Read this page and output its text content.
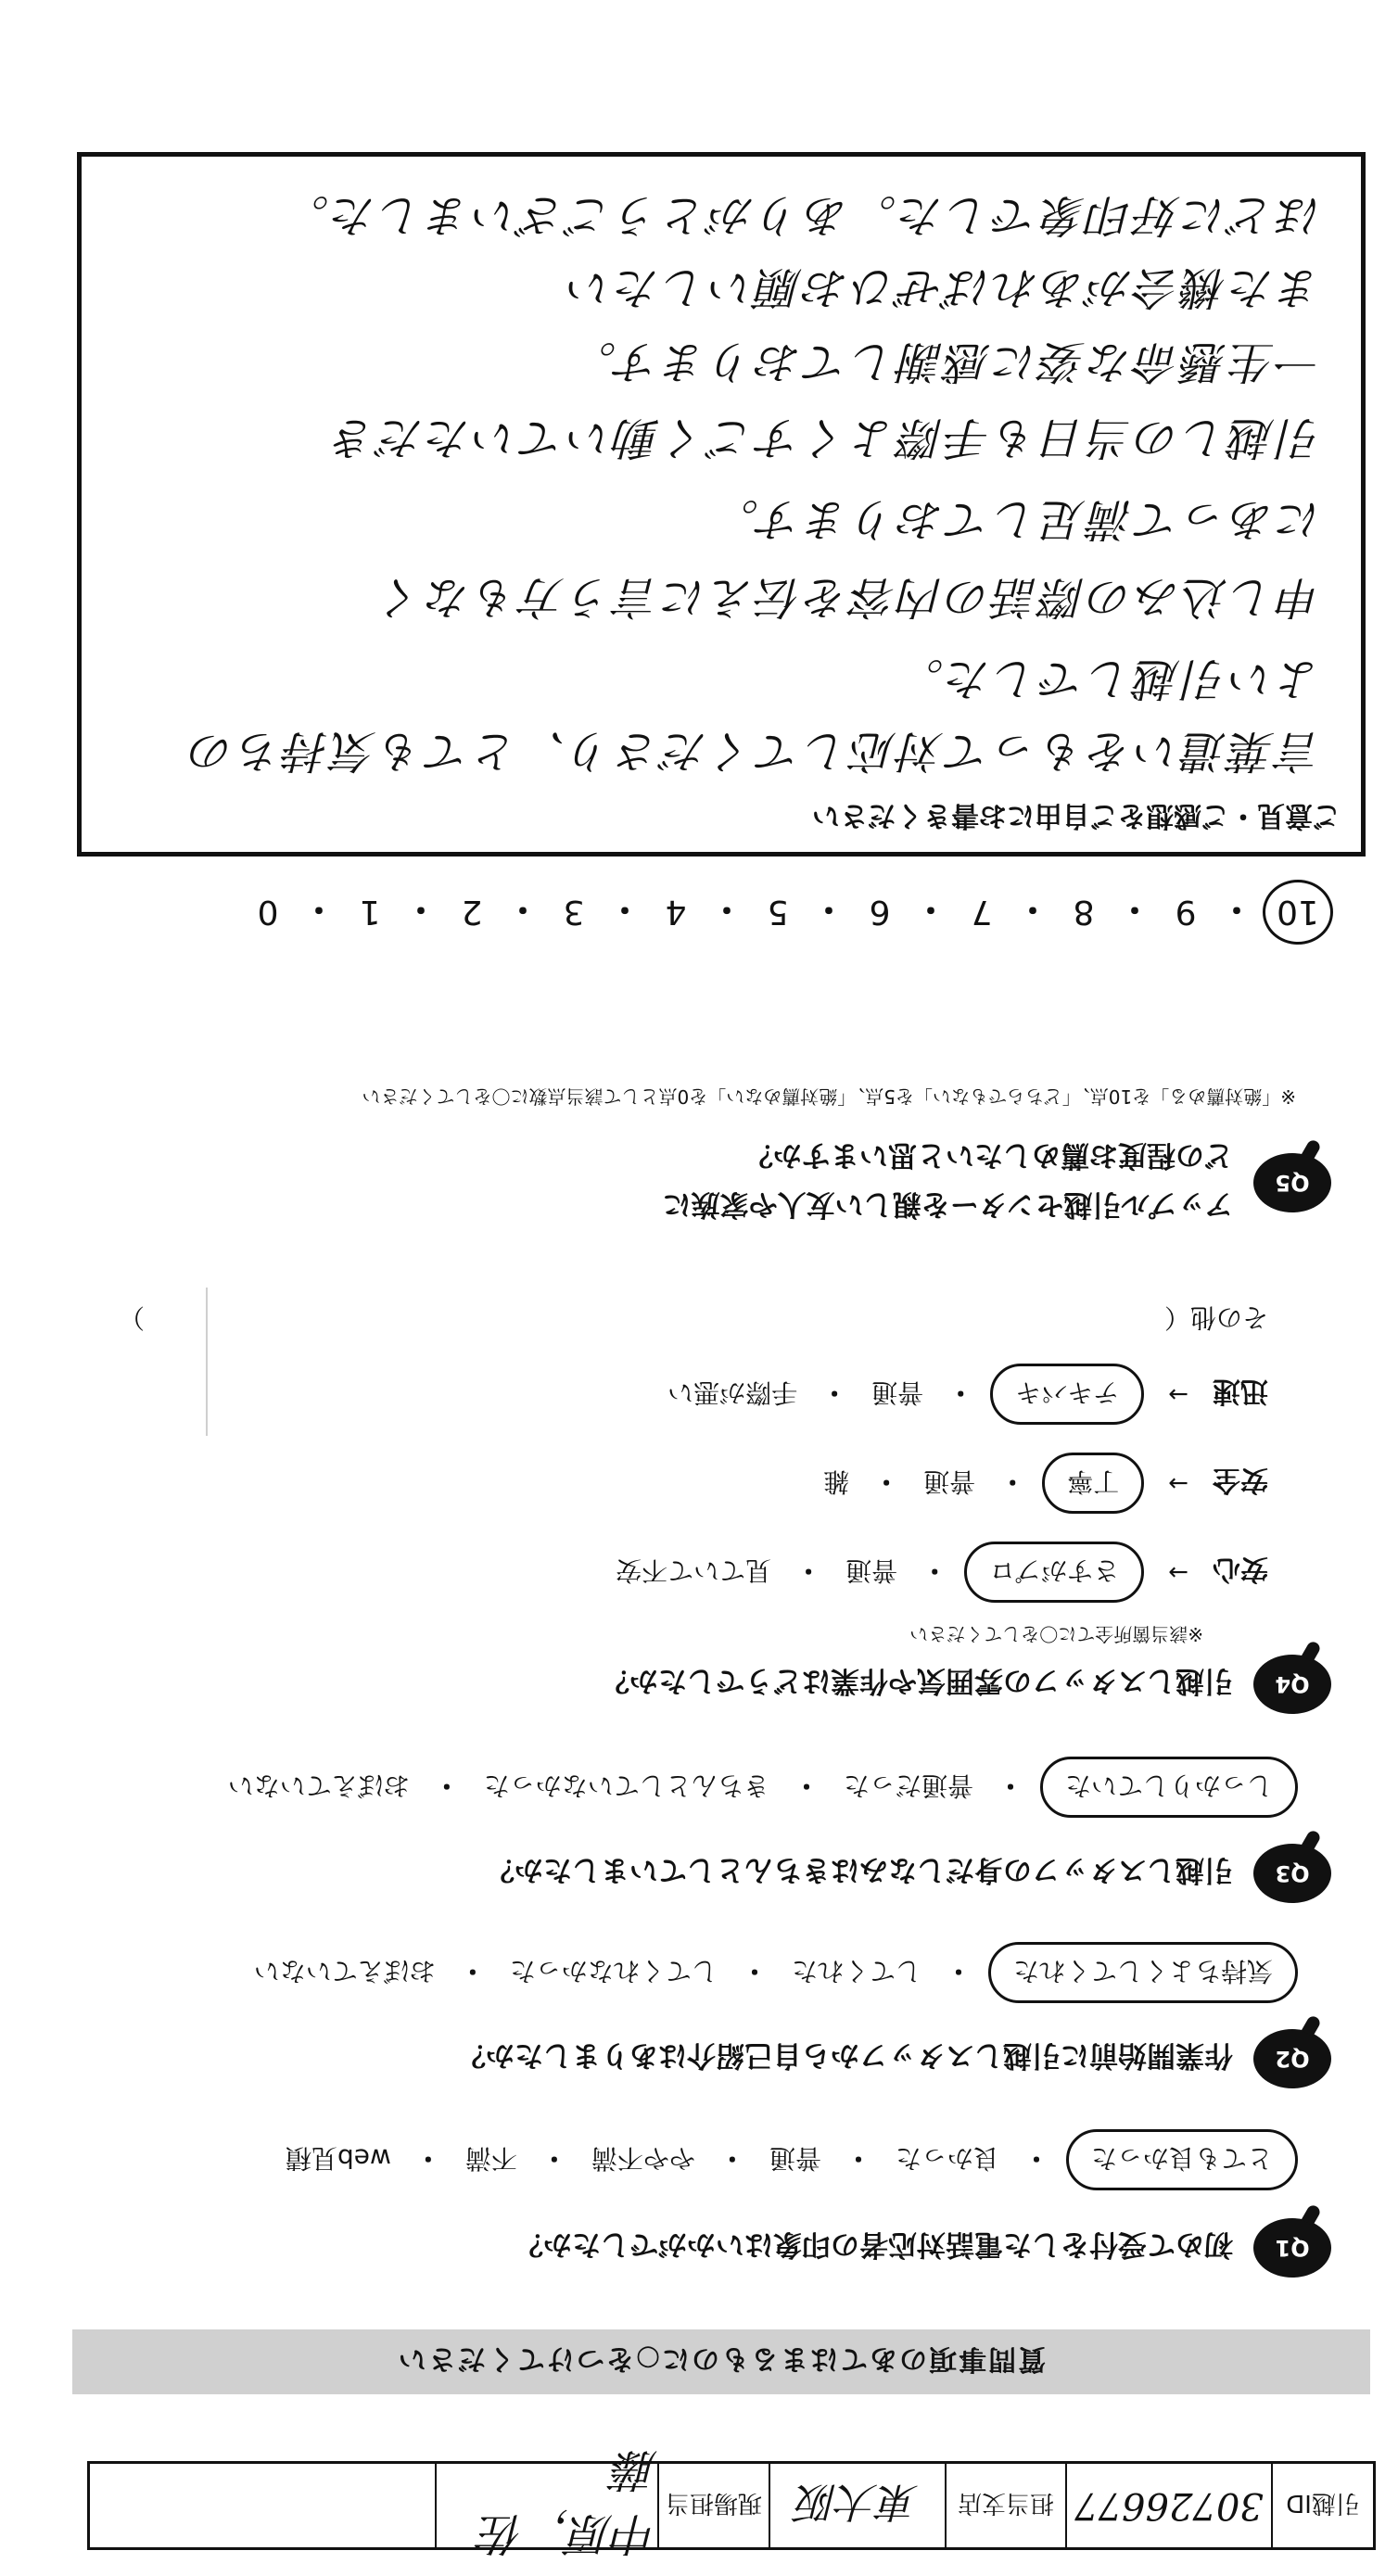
引越ID
30726677
担当支店
東大阪
現場担当
中原，佐藤
質問事項のあてはまるものに○をつけてください
Q1
初めて受付をした電話対応者の印象はいかがでしたか？
とても良かった
・
良かった
・
普通
・
やや不満
・
不満
・
web見積
Q2
作業開始前に引越しスタッフから自己紹介はありましたか？
気持ちよくしてくれた
・
してくれた
・
してくれなかった
・
おぼえていない
Q3
引越しスタッフの身だしなみはきちんとしていましたか？
しっかりしていた
・
普通だった
・
きちんとしていなかった
・
おぼえていない
Q4
引越しスタッフの雰囲気や作業はどうでしたか？
※該当箇所全てに〇をしてください
安心
→
さすがプロ
・
普通
・
見ていて不安
安全
→
丁寧
・
普通
・
雑
迅速
→
テキパキ
・
普通
・
手際が悪い
その他（
）
Q5
アップル引越センターを親しい友人や家族に
どの程度お薦めしたいと思いますか？
※「絶対薦める」を10点、「どちらでもない」を5点、「絶対薦めない」を0点として該当点数に〇をしてください
10
・
9
・
8
・
7
・
6
・
5
・
4
・
3
・
2
・
1
・
0
ご意見・ご感想をご自由にお書きください
言葉遣いをもって対応してくださり、とても気持ちの
よい引越しでした。
申し込みの際話の内容を伝えに言う方もなく
にあって満足しております。
引越しの当日も手際よくすごく動いていただき
一生懸命な姿に感謝しております。
また機会があればぜひお願いしたい
ほどに好印象でした。ありがとうございました。
